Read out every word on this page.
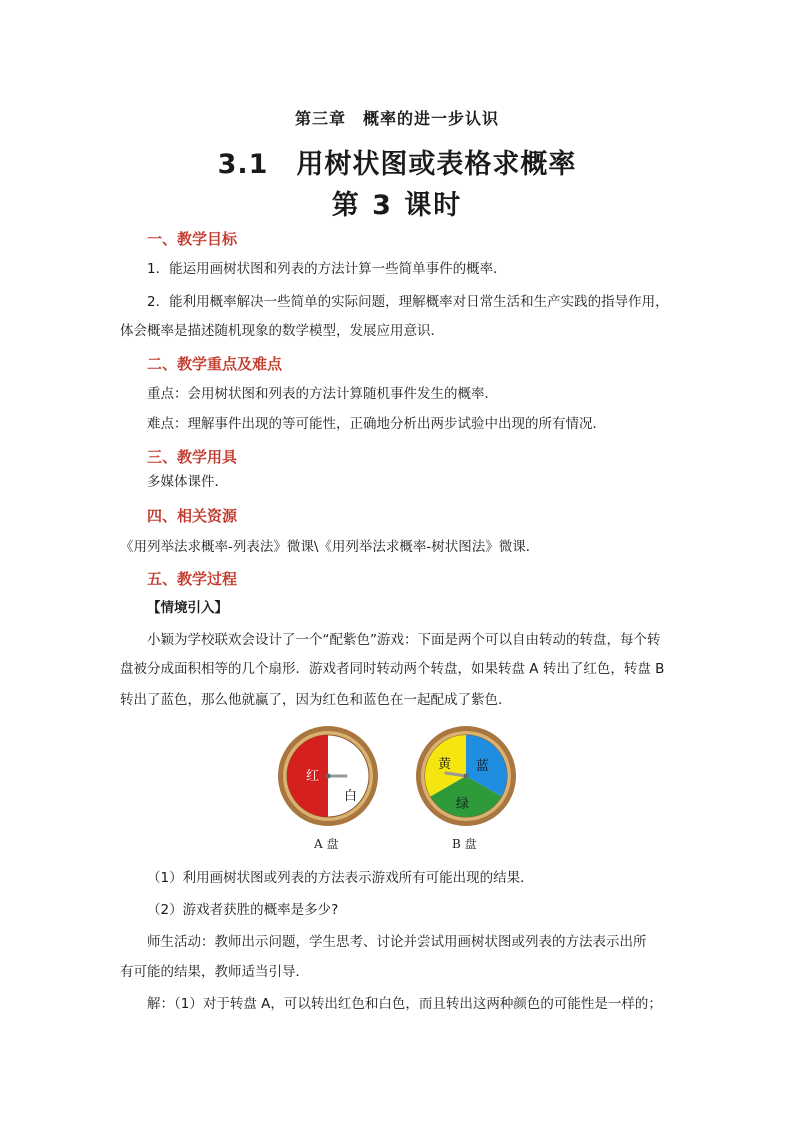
第三章　概率的进一步认识
3.1　用树状图或表格求概率
第 3 课时
一、教学目标
1．能运用画树状图和列表的方法计算一些简单事件的概率．
2．能利用概率解决一些简单的实际问题，理解概率对日常生活和生产实践的指导作用，
体会概率是描述随机现象的数学模型，发展应用意识．
二、教学重点及难点
重点：会用树状图和列表的方法计算随机事件发生的概率．
难点：理解事件出现的等可能性，正确地分析出两步试验中出现的所有情况．
三、教学用具
多媒体课件．
四、相关资源
《用列举法求概率-列表法》微课\《用列举法求概率-树状图法》微课．
五、教学过程
【情境引入】
小颖为学校联欢会设计了一个“配紫色”游戏：下面是两个可以自由转动的转盘，每个转
盘被分成面积相等的几个扇形．游戏者同时转动两个转盘，如果转盘 A 转出了红色，转盘 B
转出了蓝色，那么他就赢了，因为红色和蓝色在一起配成了紫色．
红
白
A 盘
黄 蓝
绿
B 盘
（1）利用画树状图或列表的方法表示游戏所有可能出现的结果．
（2）游戏者获胜的概率是多少?
师生活动：教师出示问题，学生思考、讨论并尝试用画树状图或列表的方法表示出所
有可能的结果，教师适当引导．
解：（1）对于转盘 A，可以转出红色和白色，而且转出这两种颜色的可能性是一样的；
